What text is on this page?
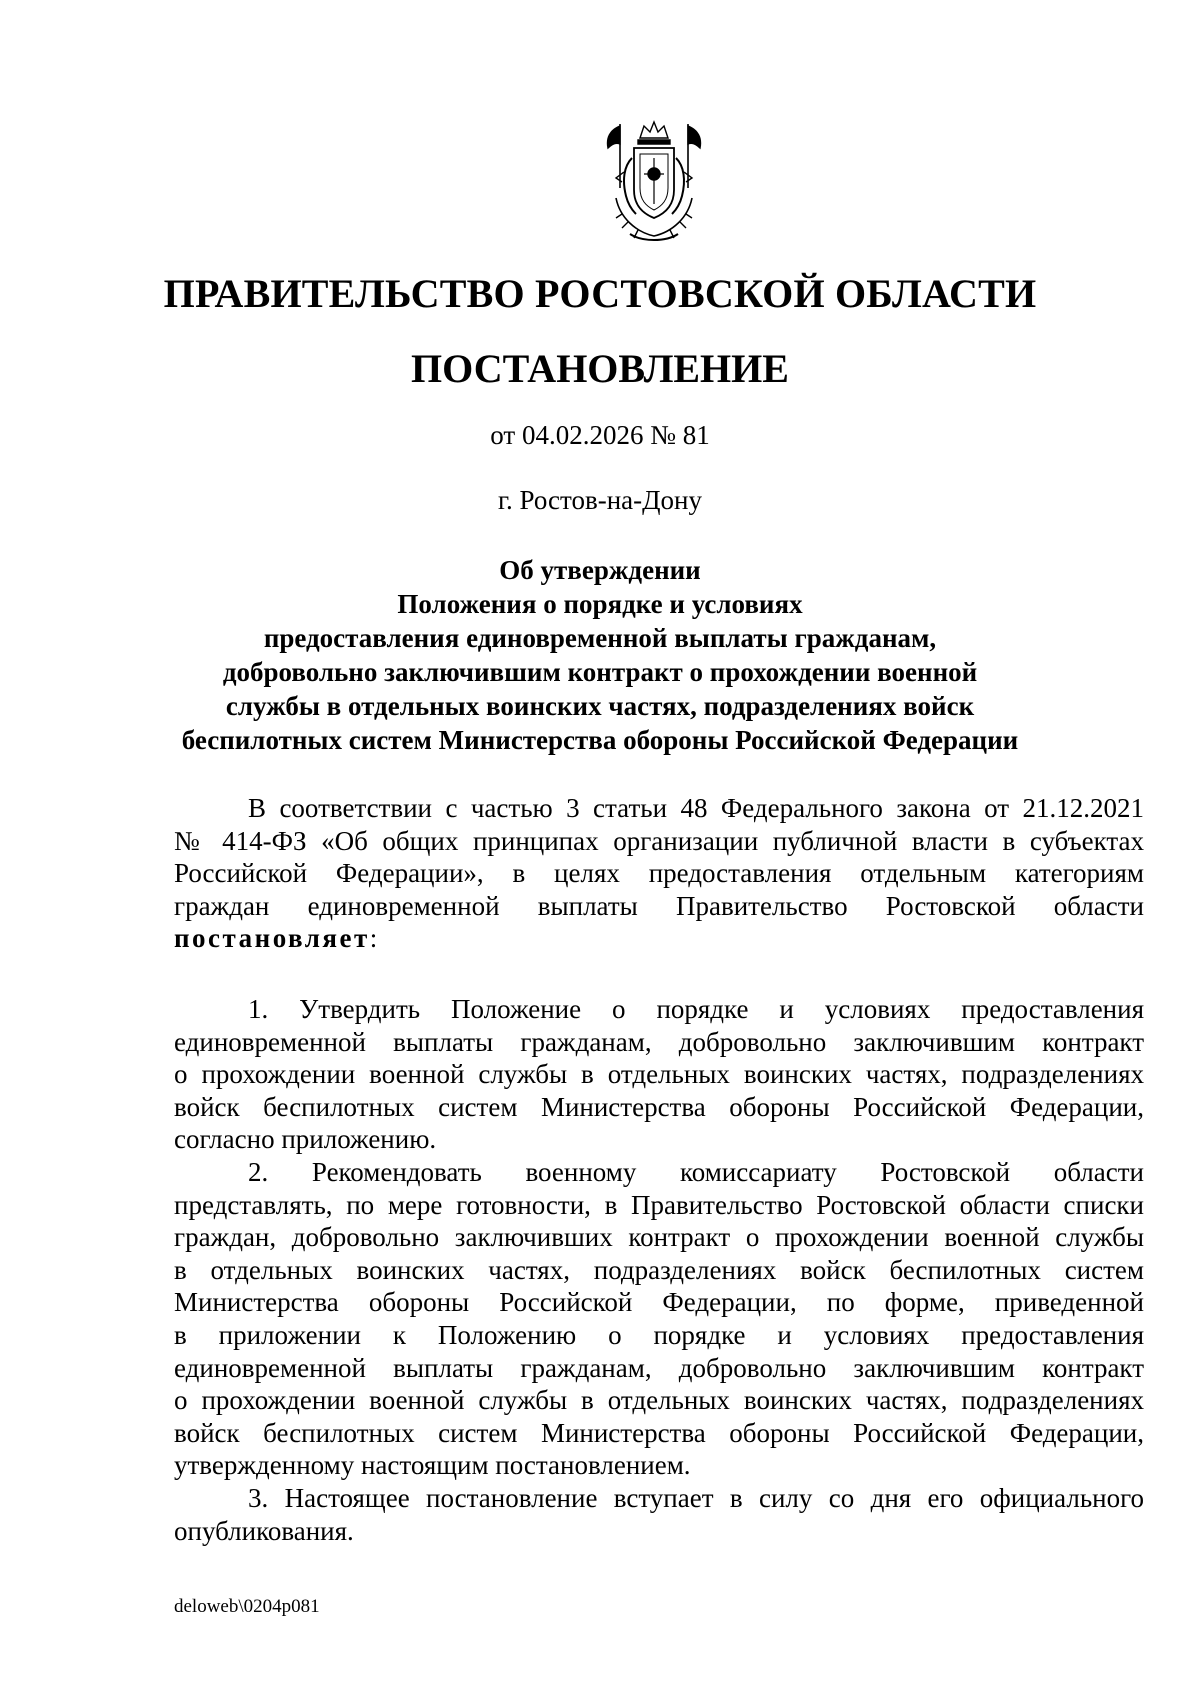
ПРАВИТЕЛЬСТВО РОСТОВСКОЙ ОБЛАСТИ
ПОСТАНОВЛЕНИЕ
от 04.02.2026 № 81
г. Ростов-на-Дону
Об утверждении
Положения о порядке и условиях
предоставления единовременной выплаты гражданам,
добровольно заключившим контракт о прохождении военной
службы в отдельных воинских частях, подразделениях войск
беспилотных систем Министерства обороны Российской Федерации
В соответствии с частью 3 статьи 48 Федерального закона от 21.12.2021
№ 414-ФЗ «Об общих принципах организации публичной власти в субъектах
Российской Федерации», в целях предоставления отдельным категориям
граждан единовременной выплаты Правительство Ростовской области
постановляет:
1. Утвердить Положение о порядке и условиях предоставления
единовременной выплаты гражданам, добровольно заключившим контракт
о прохождении военной службы в отдельных воинских частях, подразделениях
войск беспилотных систем Министерства обороны Российской Федерации,
согласно приложению.
2. Рекомендовать военному комиссариату Ростовской области
представлять, по мере готовности, в Правительство Ростовской области списки
граждан, добровольно заключивших контракт о прохождении военной службы
в отдельных воинских частях, подразделениях войск беспилотных систем
Министерства обороны Российской Федерации, по форме, приведенной
в приложении к Положению о порядке и условиях предоставления
единовременной выплаты гражданам, добровольно заключившим контракт
о прохождении военной службы в отдельных воинских частях, подразделениях
войск беспилотных систем Министерства обороны Российской Федерации,
утвержденному настоящим постановлением.
3. Настоящее постановление вступает в силу со дня его официального
опубликования.
deloweb\0204p081
